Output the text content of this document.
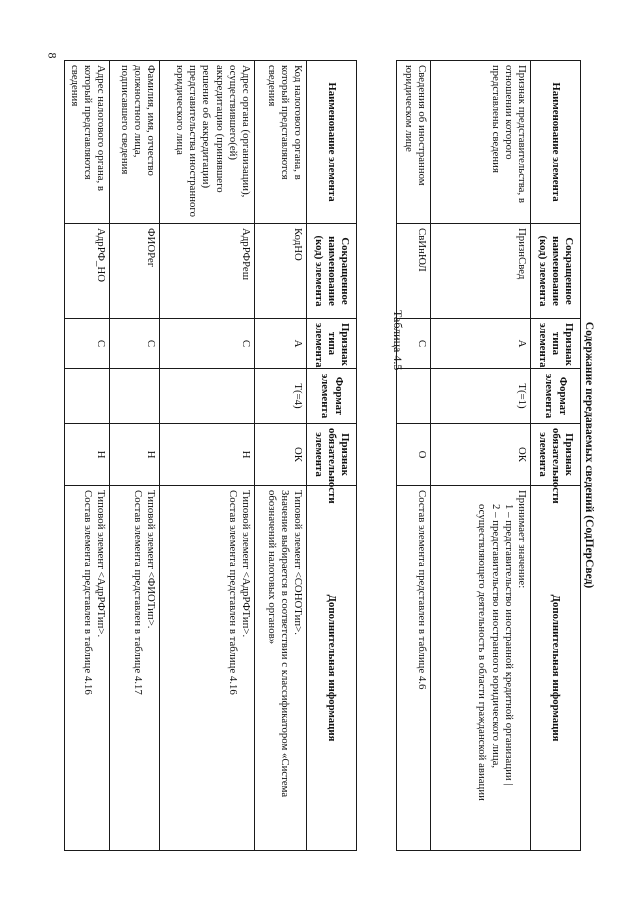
8
Наименование элемента	Сокращенное наименование (код) элемента	Признак типа элемента	Формат элемента	Признак обязательности элемента	Дополнительная информация
Код налогового органа, в который представляются сведения	КодНО	А	T(=4)	ОК	Типовой элемент <СОНОТип>.
Значение выбирается в соответствии с классификатором «Система обозначений налоговых органов»

Адрес органа (организации), осуществившего(ей) аккредитацию (принявшего решение об аккредитации) представительства иностранного юридического лица	АдрРФРеш	С		Н	Типовой элемент <АдрРФТип>.
Состав элемента представлен в таблице 4.16

Фамилия, имя, отчество должностного лица, подписавшего сведения	ФИОРег	С		Н	Типовой элемент <ФИОТип>.
Состав элемента представлен в таблице 4.17

Адрес налогового органа, в который представляются сведения	АдрРФ_НО	С		Н	Типовой элемент <АдрРФТип>.
Состав элемента представлен в таблице 4.16
Таблица 4.5	Содержание передаваемых сведений (СодПерСвед)
Наименование элемента	Сокращенное наименование (код) элемента	Признак типа элемента	Формат элемента	Признак обязательности элемента	Дополнительная информация
Признак представительства, в отношении которого представлены сведения	ПризнСвед	А	T(=1)	ОК	Принимает значение:
1 – представительство иностранной кредитной организации |
2 – представительство иностранного юридического лица, осуществляющего деятельность в области гражданской авиации

Сведения об иностранном юридическом лице	СвИнЮЛ	С		О	Состав элемента представлен в таблице 4.6
